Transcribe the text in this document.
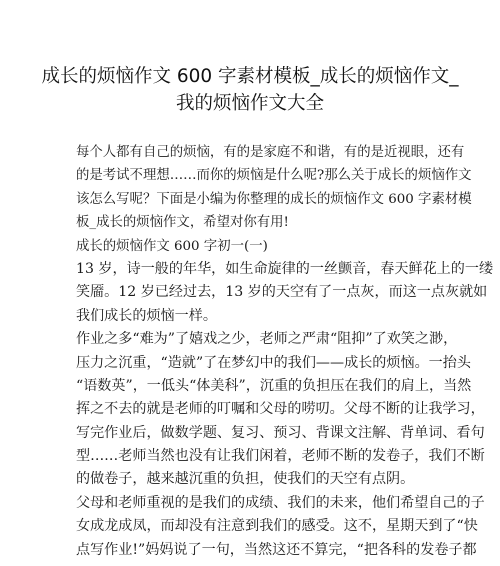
成长的烦恼作文 600 字素材模板_成长的烦恼作文_
我的烦恼作文大全
每个人都有自己的烦恼，有的是家庭不和谐，有的是近视眼，还有
的是考试不理想……而你的烦恼是什么呢?那么关于成长的烦恼作文
该怎么写呢？下面是小编为你整理的成长的烦恼作文 600 字素材模
板_成长的烦恼作文，希望对你有用!
成长的烦恼作文 600 字初一(一)
13 岁，诗一般的年华，如生命旋律的一丝颤音，春天鲜花上的一缕
笑靥。12 岁已经过去，13 岁的天空有了一点灰，而这一点灰就如
我们成长的烦恼一样。
作业之多“难为”了嬉戏之少，老师之严肃“阻抑”了欢笑之渺，
压力之沉重，“造就”了在梦幻中的我们——成长的烦恼。一抬头
“语数英”，一低头“体美科”，沉重的负担压在我们的肩上，当然
挥之不去的就是老师的叮嘱和父母的唠叨。父母不断的让我学习，
写完作业后，做数学题、复习、预习、背课文注解、背单词、看句
型……老师当然也没有让我们闲着，老师不断的发卷子，我们不断
的做卷子，越来越沉重的负担，使我们的天空有点阴。
父母和老师重视的是我们的成绩、我们的未来，他们希望自己的子
女成龙成凤，而却没有注意到我们的感受。这不，星期天到了“快
点写作业!”妈妈说了一句，当然这还不算完，“把各科的发卷子都
